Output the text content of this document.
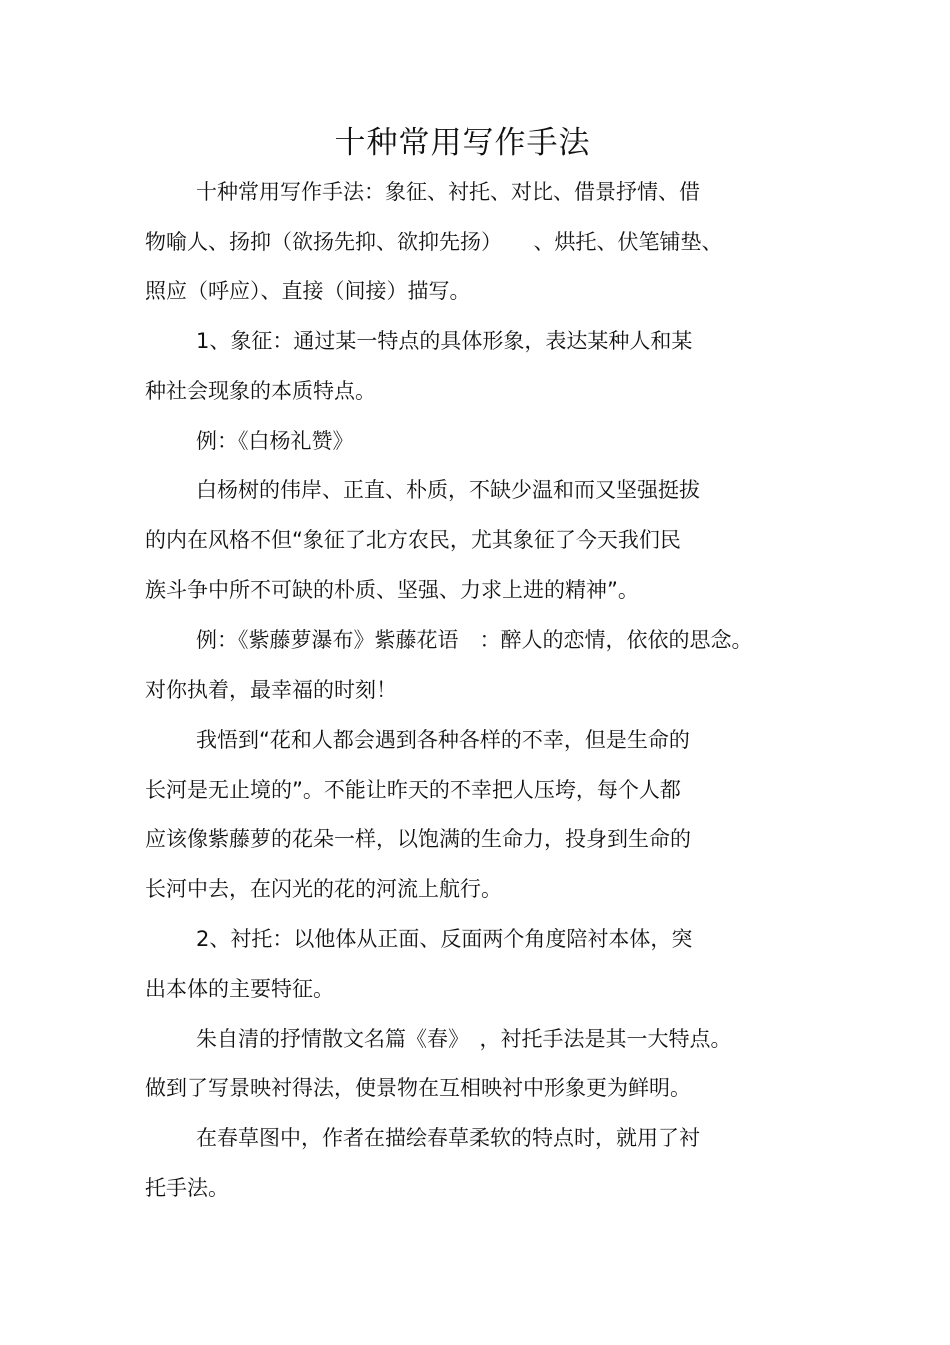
十种常用写作手法
十种常用写作手法：象征、衬托、对比、借景抒情、借
物喻人、扬抑（欲扬先抑、欲抑先扬）　　、烘托、伏笔铺垫、
照应（呼应）、直接（间接）描写。
1、象征：通过某一特点的具体形象，表达某种人和某
种社会现象的本质特点。
例：《白杨礼赞》
白杨树的伟岸、正直、朴质，不缺少温和而又坚强挺拔
的内在风格不但“象征了北方农民，尤其象征了今天我们民
族斗争中所不可缺的朴质、坚强、力求上进的精神”。
例：《紫藤萝瀑布》紫藤花语　：醉人的恋情，依依的思念。
对你执着，最幸福的时刻！
我悟到“花和人都会遇到各种各样的不幸，但是生命的
长河是无止境的”。不能让昨天的不幸把人压垮，每个人都
应该像紫藤萝的花朵一样，以饱满的生命力，投身到生命的
长河中去，在闪光的花的河流上航行。
2、衬托：以他体从正面、反面两个角度陪衬本体，突
出本体的主要特征。
朱自清的抒情散文名篇《春》　，衬托手法是其一大特点。
做到了写景映衬得法，使景物在互相映衬中形象更为鲜明。
在春草图中，作者在描绘春草柔软的特点时，就用了衬
托手法。
